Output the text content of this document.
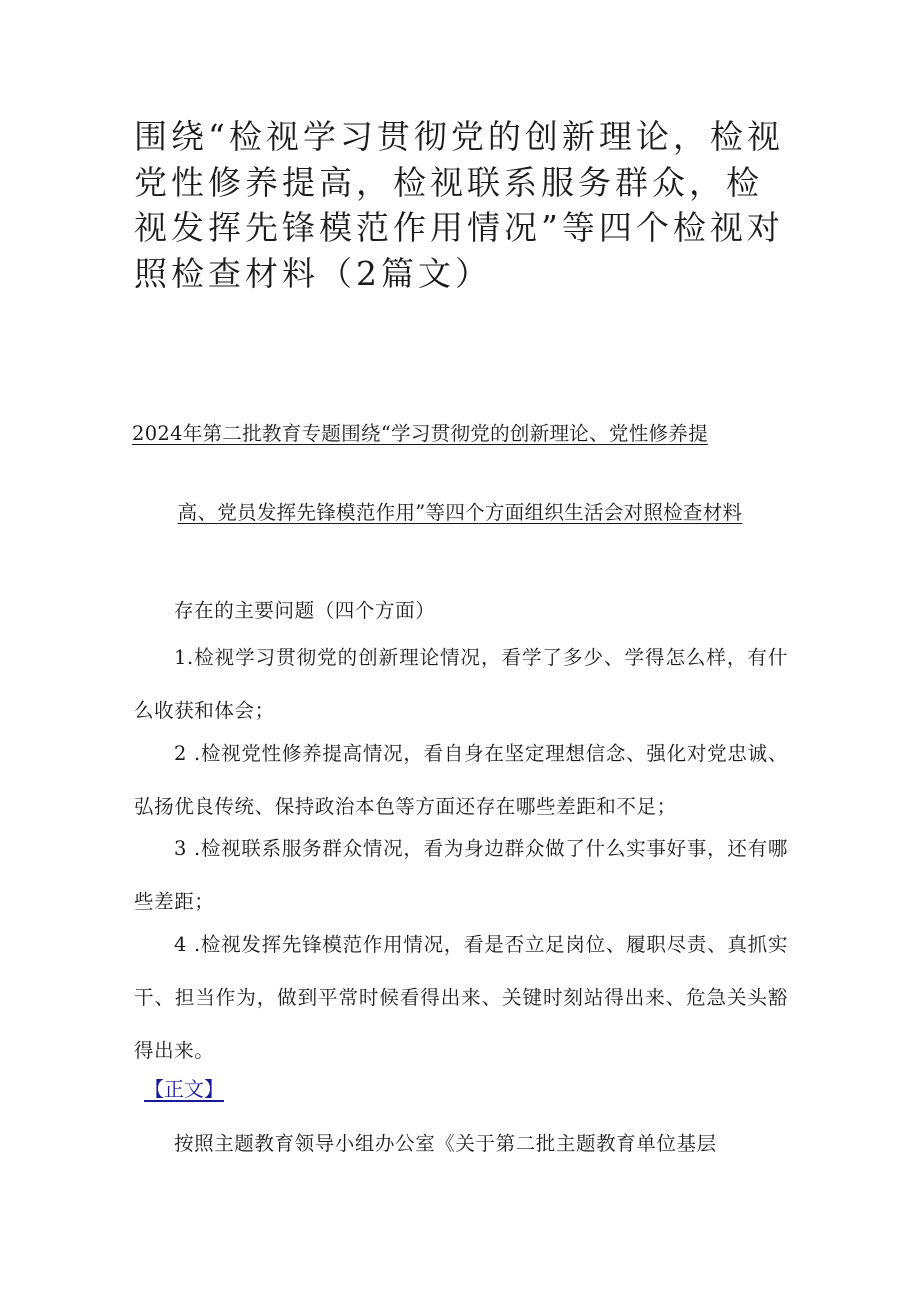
围绕“检视学习贯彻党的创新理论，检视党性修养提高，检视联系服务群众，检视发挥先锋模范作用情况”等四个检视对照检查材料（2篇文）
2024年第二批教育专题围绕“学习贯彻党的创新理论、党性修养提
高、党员发挥先锋模范作用”等四个方面组织生活会对照检查材料

存在的主要问题（四个方面）

1.检视学习贯彻党的创新理论情况，看学了多少、学得怎么样，有什么收获和体会；

2 .检视党性修养提高情况，看自身在坚定理想信念、强化对党忠诚、弘扬优良传统、保持政治本色等方面还存在哪些差距和不足；

3 .检视联系服务群众情况，看为身边群众做了什么实事好事，还有哪些差距；

4 .检视发挥先锋模范作用情况，看是否立足岗位、履职尽责、真抓实干、担当作为，做到平常时候看得出来、关键时刻站得出来、危急关头豁得出来。

【正文】

按照主题教育领导小组办公室《关于第二批主题教育单位基层
